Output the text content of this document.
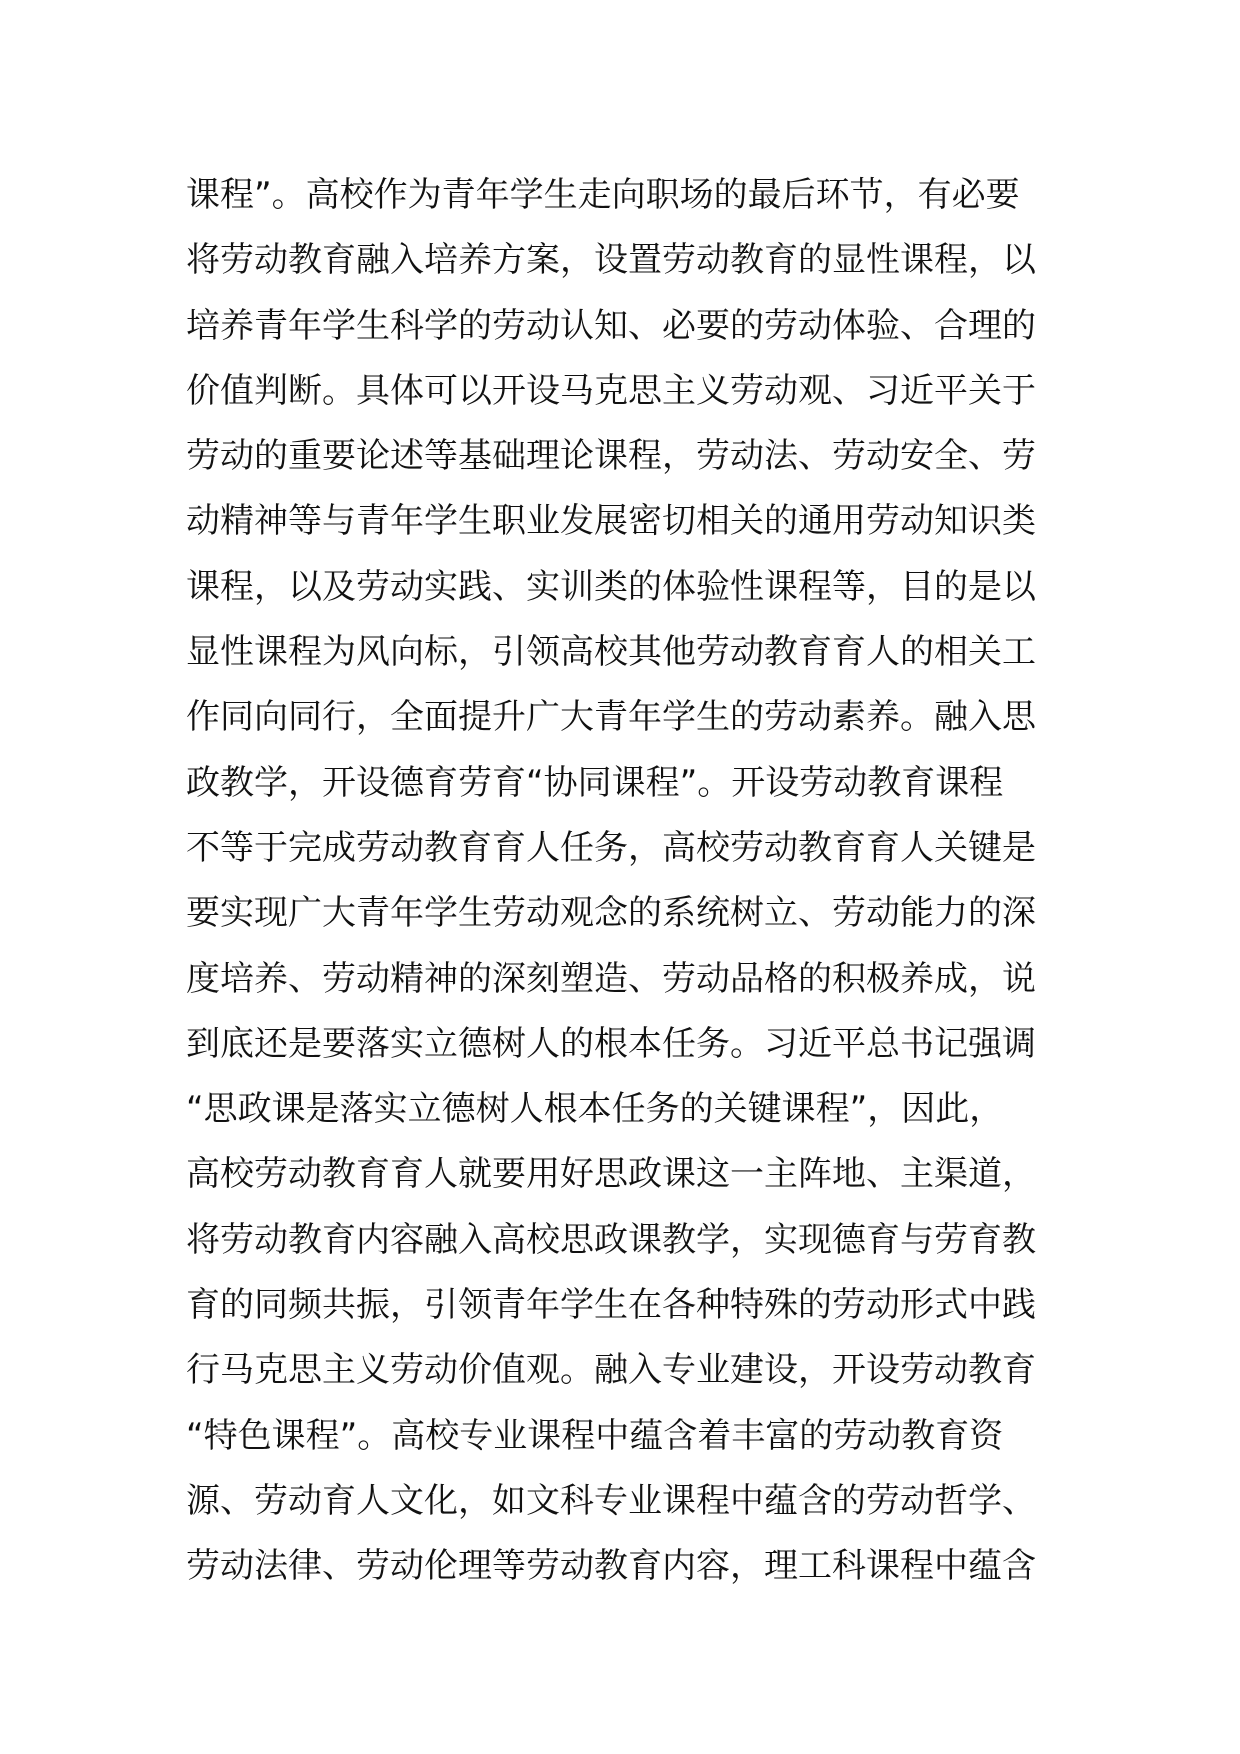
课程”。高校作为青年学生走向职场的最后环节，有必要
将劳动教育融入培养方案，设置劳动教育的显性课程，以
培养青年学生科学的劳动认知、必要的劳动体验、合理的
价值判断。具体可以开设马克思主义劳动观、习近平关于
劳动的重要论述等基础理论课程，劳动法、劳动安全、劳
动精神等与青年学生职业发展密切相关的通用劳动知识类
课程，以及劳动实践、实训类的体验性课程等，目的是以
显性课程为风向标，引领高校其他劳动教育育人的相关工
作同向同行，全面提升广大青年学生的劳动素养。融入思
政教学，开设德育劳育“协同课程”。开设劳动教育课程
不等于完成劳动教育育人任务，高校劳动教育育人关键是
要实现广大青年学生劳动观念的系统树立、劳动能力的深
度培养、劳动精神的深刻塑造、劳动品格的积极养成，说
到底还是要落实立德树人的根本任务。习近平总书记强调
“思政课是落实立德树人根本任务的关键课程”，因此，
高校劳动教育育人就要用好思政课这一主阵地、主渠道，
将劳动教育内容融入高校思政课教学，实现德育与劳育教
育的同频共振，引领青年学生在各种特殊的劳动形式中践
行马克思主义劳动价值观。融入专业建设，开设劳动教育
“特色课程”。高校专业课程中蕴含着丰富的劳动教育资
源、劳动育人文化，如文科专业课程中蕴含的劳动哲学、
劳动法律、劳动伦理等劳动教育内容，理工科课程中蕴含
